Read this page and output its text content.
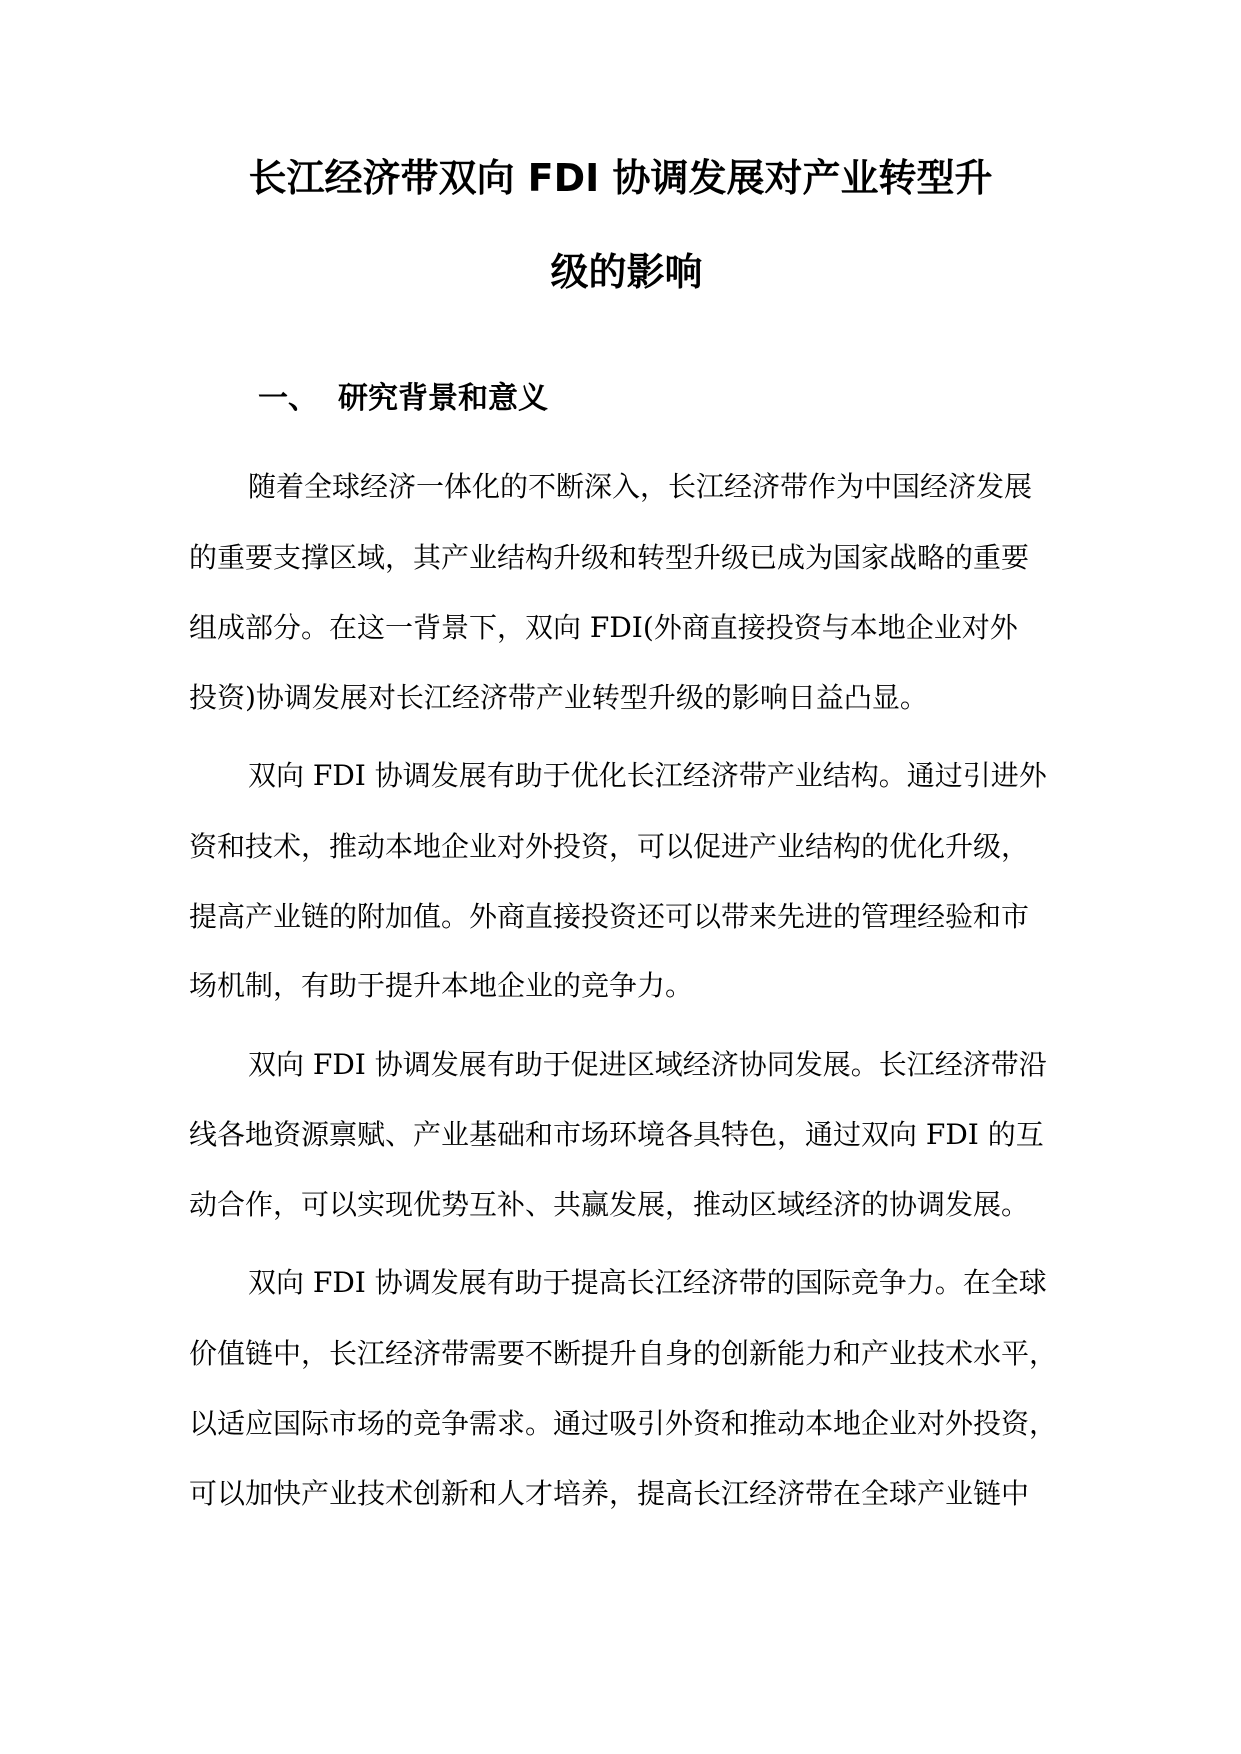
长江经济带双向 FDI 协调发展对产业转型升
级的影响
一、 研究背景和意义

随着全球经济一体化的不断深入，长江经济带作为中国经济发展

的重要支撑区域，其产业结构升级和转型升级已成为国家战略的重要

组成部分。在这一背景下，双向 FDI(外商直接投资与本地企业对外

投资)协调发展对长江经济带产业转型升级的影响日益凸显。

双向 FDI 协调发展有助于优化长江经济带产业结构。通过引进外

资和技术，推动本地企业对外投资，可以促进产业结构的优化升级，

提高产业链的附加值。外商直接投资还可以带来先进的管理经验和市

场机制，有助于提升本地企业的竞争力。

双向 FDI 协调发展有助于促进区域经济协同发展。长江经济带沿

线各地资源禀赋、产业基础和市场环境各具特色，通过双向 FDI 的互

动合作，可以实现优势互补、共赢发展，推动区域经济的协调发展。

双向 FDI 协调发展有助于提高长江经济带的国际竞争力。在全球

价值链中，长江经济带需要不断提升自身的创新能力和产业技术水平，

以适应国际市场的竞争需求。通过吸引外资和推动本地企业对外投资，

可以加快产业技术创新和人才培养，提高长江经济带在全球产业链中
